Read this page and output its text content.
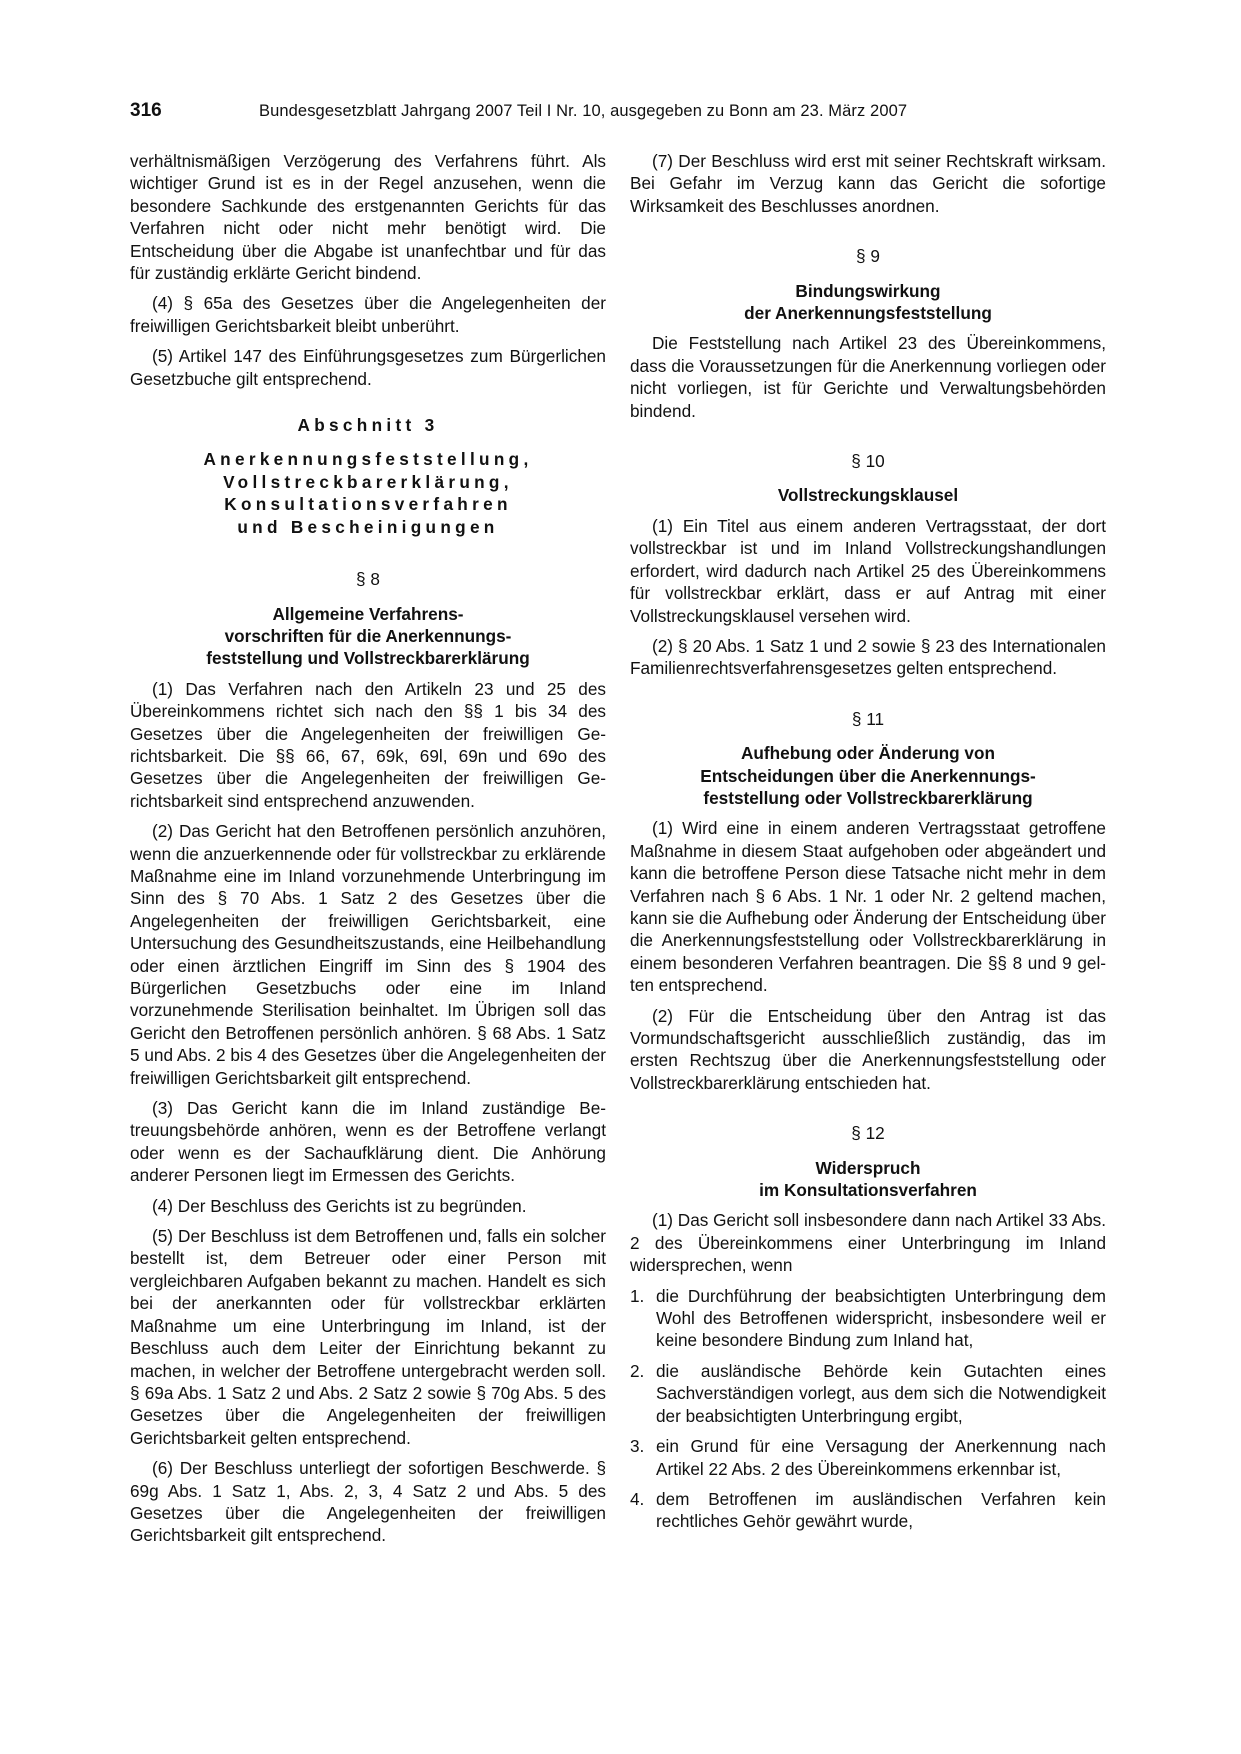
316	Bundesgesetzblatt Jahrgang 2007 Teil I Nr. 10, ausgegeben zu Bonn am 23. März 2007

verhältnismäßigen Verzögerung des Verfahrens führt. Als wichtiger Grund ist es in der Regel anzusehen, wenn die besondere Sachkunde des erstgenannten Gerichts für das Verfahren nicht oder nicht mehr benötigt wird. Die Entscheidung über die Abgabe ist unanfechtbar und für das für zuständig erklärte Gericht bindend.

(4) § 65a des Gesetzes über die Angelegenheiten der freiwilligen Gerichtsbarkeit bleibt unberührt.

(5) Artikel 147 des Einführungsgesetzes zum Bürgerlichen Gesetzbuche gilt entsprechend.

Abschnitt 3
Anerkennungsfeststellung,
Vollstreckbarerklärung,
Konsultationsverfahren
und Bescheinigungen
§ 8
Allgemeine Verfahrens-
vorschriften für die Anerkennungs-
feststellung und Vollstreckbarerklärung

(1) Das Verfahren nach den Artikeln 23 und 25 des Übereinkommens richtet sich nach den §§ 1 bis 34 des Gesetzes über die Angelegenheiten der freiwilligen Gerichtsbarkeit. Die §§ 66, 67, 69k, 69l, 69n und 69o des Gesetzes über die Angelegenheiten der freiwilligen Gerichtsbarkeit sind entsprechend anzuwenden.

(2) Das Gericht hat den Betroffenen persönlich anzuhören, wenn die anzuerkennende oder für vollstreckbar zu erklärende Maßnahme eine im Inland vorzunehmende Unterbringung im Sinn des § 70 Abs. 1 Satz 2 des Gesetzes über die Angelegenheiten der freiwilligen Gerichtsbarkeit, eine Untersuchung des Gesundheitszustands, eine Heilbehandlung oder einen ärztlichen Eingriff im Sinn des § 1904 des Bürgerlichen Gesetzbuchs oder eine im Inland vorzunehmende Sterilisation beinhaltet. Im Übrigen soll das Gericht den Betroffenen persönlich anhören. § 68 Abs. 1 Satz 5 und Abs. 2 bis 4 des Gesetzes über die Angelegenheiten der freiwilligen Gerichtsbarkeit gilt entsprechend.

(3) Das Gericht kann die im Inland zuständige Betreuungsbehörde anhören, wenn es der Betroffene verlangt oder wenn es der Sachaufklärung dient. Die Anhörung anderer Personen liegt im Ermessen des Gerichts.

(4) Der Beschluss des Gerichts ist zu begründen.

(5) Der Beschluss ist dem Betroffenen und, falls ein solcher bestellt ist, dem Betreuer oder einer Person mit vergleichbaren Aufgaben bekannt zu machen. Handelt es sich bei der anerkannten oder für vollstreckbar erklärten Maßnahme um eine Unterbringung im Inland, ist der Beschluss auch dem Leiter der Einrichtung bekannt zu machen, in welcher der Betroffene untergebracht werden soll. § 69a Abs. 1 Satz 2 und Abs. 2 Satz 2 sowie § 70g Abs. 5 des Gesetzes über die Angelegenheiten der freiwilligen Gerichtsbarkeit gelten entsprechend.

(6) Der Beschluss unterliegt der sofortigen Beschwerde. § 69g Abs. 1 Satz 1, Abs. 2, 3, 4 Satz 2 und Abs. 5 des Gesetzes über die Angelegenheiten der freiwilligen Gerichtsbarkeit gilt entsprechend.

(7) Der Beschluss wird erst mit seiner Rechtskraft wirksam. Bei Gefahr im Verzug kann das Gericht die sofortige Wirksamkeit des Beschlusses anordnen.

§ 9
Bindungswirkung
der Anerkennungsfeststellung

Die Feststellung nach Artikel 23 des Übereinkommens, dass die Voraussetzungen für die Anerkennung vorliegen oder nicht vorliegen, ist für Gerichte und Verwaltungsbehörden bindend.

§ 10
Vollstreckungsklausel

(1) Ein Titel aus einem anderen Vertragsstaat, der dort vollstreckbar ist und im Inland Vollstreckungshandlungen erfordert, wird dadurch nach Artikel 25 des Übereinkommens für vollstreckbar erklärt, dass er auf Antrag mit einer Vollstreckungsklausel versehen wird.

(2) § 20 Abs. 1 Satz 1 und 2 sowie § 23 des Internationalen Familienrechtsverfahrensgesetzes gelten entsprechend.

§ 11
Aufhebung oder Änderung von
Entscheidungen über die Anerkennungs-
feststellung oder Vollstreckbarerklärung

(1) Wird eine in einem anderen Vertragsstaat getroffene Maßnahme in diesem Staat aufgehoben oder abgeändert und kann die betroffene Person diese Tatsache nicht mehr in dem Verfahren nach § 6 Abs. 1 Nr. 1 oder Nr. 2 geltend machen, kann sie die Aufhebung oder Änderung der Entscheidung über die Anerkennungsfeststellung oder Vollstreckbarerklärung in einem besonderen Verfahren beantragen. Die §§ 8 und 9 gelten entsprechend.

(2) Für die Entscheidung über den Antrag ist das Vormundschaftsgericht ausschließlich zuständig, das im ersten Rechtszug über die Anerkennungsfeststellung oder Vollstreckbarerklärung entschieden hat.

§ 12
Widerspruch
im Konsultationsverfahren

(1) Das Gericht soll insbesondere dann nach Artikel 33 Abs. 2 des Übereinkommens einer Unterbringung im Inland widersprechen, wenn

1. die Durchführung der beabsichtigten Unterbringung dem Wohl des Betroffenen widerspricht, insbesondere weil er keine besondere Bindung zum Inland hat,
2. die ausländische Behörde kein Gutachten eines Sachverständigen vorlegt, aus dem sich die Notwendigkeit der beabsichtigten Unterbringung ergibt,
3. ein Grund für eine Versagung der Anerkennung nach Artikel 22 Abs. 2 des Übereinkommens erkennbar ist,
4. dem Betroffenen im ausländischen Verfahren kein rechtliches Gehör gewährt wurde,
